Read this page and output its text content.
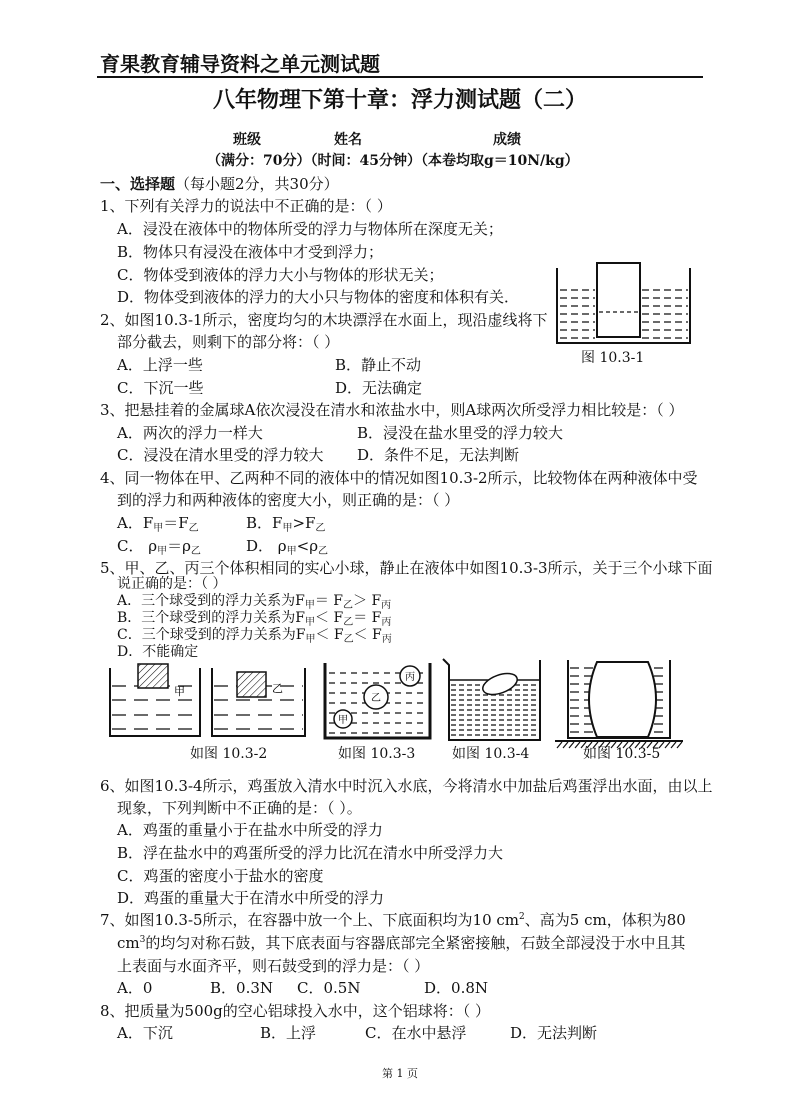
育果教育辅导资料之单元测试题
八年物理下第十章：浮力测试题（二）
班级	姓名	成绩
（满分：70分）（时间：45分钟）（本卷均取g＝10N/kg）
一、选择题（每小题2分，共30分）
1、下列有关浮力的说法中不正确的是：（ ）
A．浸没在液体中的物体所受的浮力与物体所在深度无关；
B．物体只有浸没在液体中才受到浮力；
C．物体受到液体的浮力大小与物体的形状无关；
D．物体受到液体的浮力的大小只与物体的密度和体积有关．
图 10.3-1
2、如图10.3-1所示，密度均匀的木块漂浮在水面上，现沿虚线将下
部分截去，则剩下的部分将：（ ）
A．上浮一些	B．静止不动
C．下沉一些	D．无法确定
3、把悬挂着的金属球A依次浸没在清水和浓盐水中，则A球两次所受浮力相比较是：（ ）
A．两次的浮力一样大	B．浸没在盐水里受的浮力较大
C．浸没在清水里受的浮力较大 D．条件不足，无法判断
4、同一物体在甲、乙两种不同的液体中的情况如图10.3-2所示，比较物体在两种液体中受
到的浮力和两种液体的密度大小，则正确的是：（ ）
A．$F_甲=F_乙$	B．$F_甲>F_乙$
C． $\rho_甲=\rho_乙$	D． $\rho_甲<\rho_乙$
5、甲、乙、丙三个体积相同的实心小球，静止在液体中如图10.3-3所示，关于三个小球下面
说正确的是：（ ）
A．三个球受到的浮力关系为$F_甲= F_乙> F_丙$
B．三个球受到的浮力关系为$F_甲< F_乙= F_丙$
C．三个球受到的浮力关系为$F_甲< F_乙< F_丙$
D．不能确定
甲	乙
丙
乙
甲
如图 10.3-2	如图 10.3-3	如图 10.3-4	如图 10.3-5
6、如图10.3-4所示，鸡蛋放入清水中时沉入水底，今将清水中加盐后鸡蛋浮出水面，由以上
现象，下列判断中不正确的是：（ ）。
A．鸡蛋的重量小于在盐水中所受的浮力
B．浮在盐水中的鸡蛋所受的浮力比沉在清水中所受浮力大
C．鸡蛋的密度小于盐水的密度
D．鸡蛋的重量大于在清水中所受的浮力
7、如图10.3-5所示，在容器中放一个上、下底面积均为10 $cm^2$、高为5 cm，体积为80
$cm^3$的均匀对称石鼓，其下底表面与容器底部完全紧密接触，石鼓全部浸没于水中且其
上表面与水面齐平，则石鼓受到的浮力是：（ ）
A．0	B．0.3N C．0.5N	D．0.8N
8、把质量为500g的空心铝球投入水中，这个铝球将：（ ）
A．下沉	B．上浮	C．在水中悬浮	D．无法判断
第 1 页
